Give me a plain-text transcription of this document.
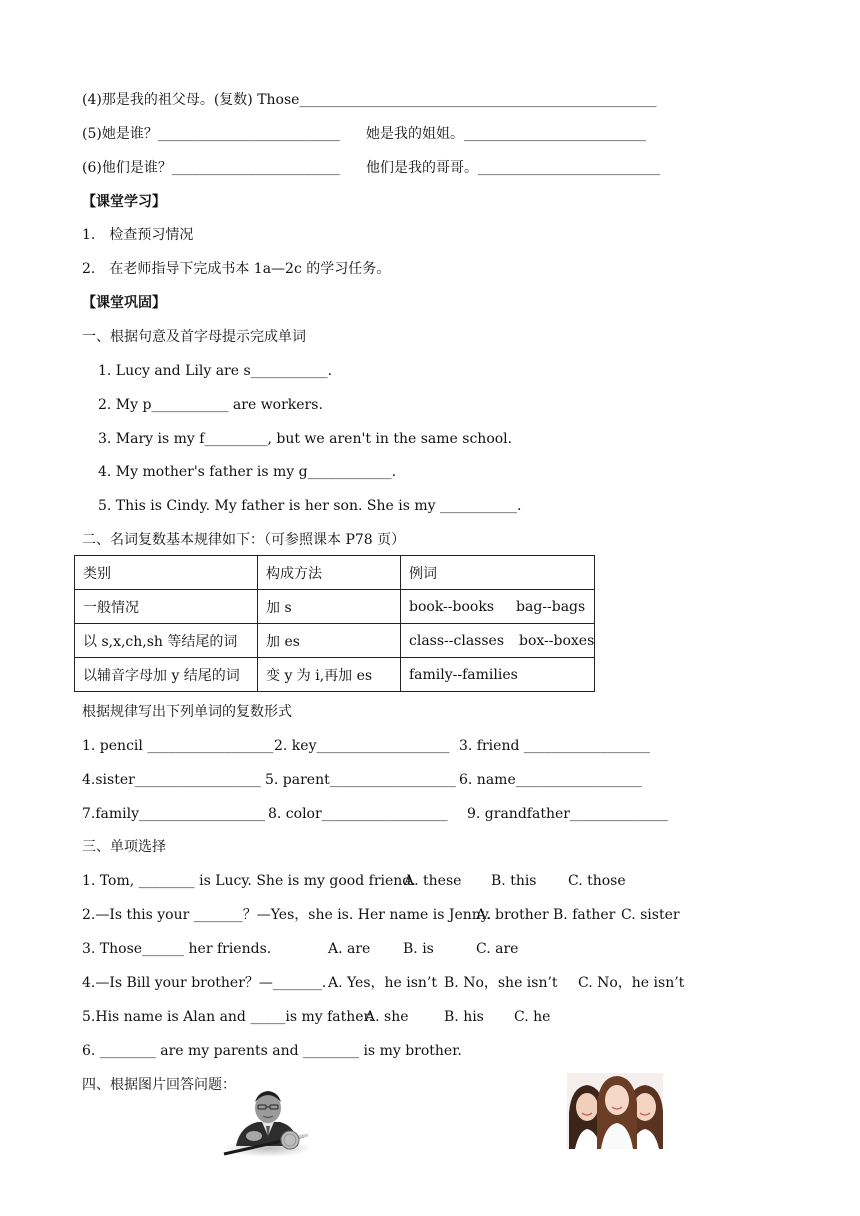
(4)那是我的祖父母。(复数) Those___________________________________________________
(5)她是谁？__________________________ 她是我的姐姐。__________________________
(6)他们是谁？________________________ 他们是我的哥哥。__________________________
【课堂学习】
1.　检查预习情况
2.　在老师指导下完成书本 1a—2c 的学习任务。
【课堂巩固】
一、根据句意及首字母提示完成单词
1. Lucy and Lily are s___________.
2. My p___________ are workers.
3. Mary is my f_________, but we aren't in the same school.
4. My mother's father is my g____________.
5. This is Cindy. My father is her son. She is my ___________.
二、名词复数基本规律如下：（可参照课本 P78 页）
类别	构成方法	例词
一般情况	加 s	book--books bag--bags
以 s,x,ch,sh 等结尾的词	加 es	class--classes box--boxes
以辅音字母加 y 结尾的词	变 y 为 i,再加 es	family--families
根据规律写出下列单词的复数形式
1. pencil __________________ 2. key___________________ 3. friend __________________
4.sister__________________ 5. parent__________________ 6. name__________________
7.family__________________ 8. color__________________ 9. grandfather______________
三、单项选择
1. Tom, ________ is Lucy. She is my good friend.
A. these B. this C. those
2.—Is this your _______？—Yes，she is. Her name is Jenny.
A. brother B. father C. sister
3. Those______ her friends.	A. are B. is	C. are
4.—Is Bill your brother？—_______. A. Yes，he isn’t B. No，she isn’t C. No，he isn’t
5.His name is Alan and _____is my father.
A. she	B. his C. he
6. ________ are my parents and ________ is my brother.
四、根据图片回答问题：
